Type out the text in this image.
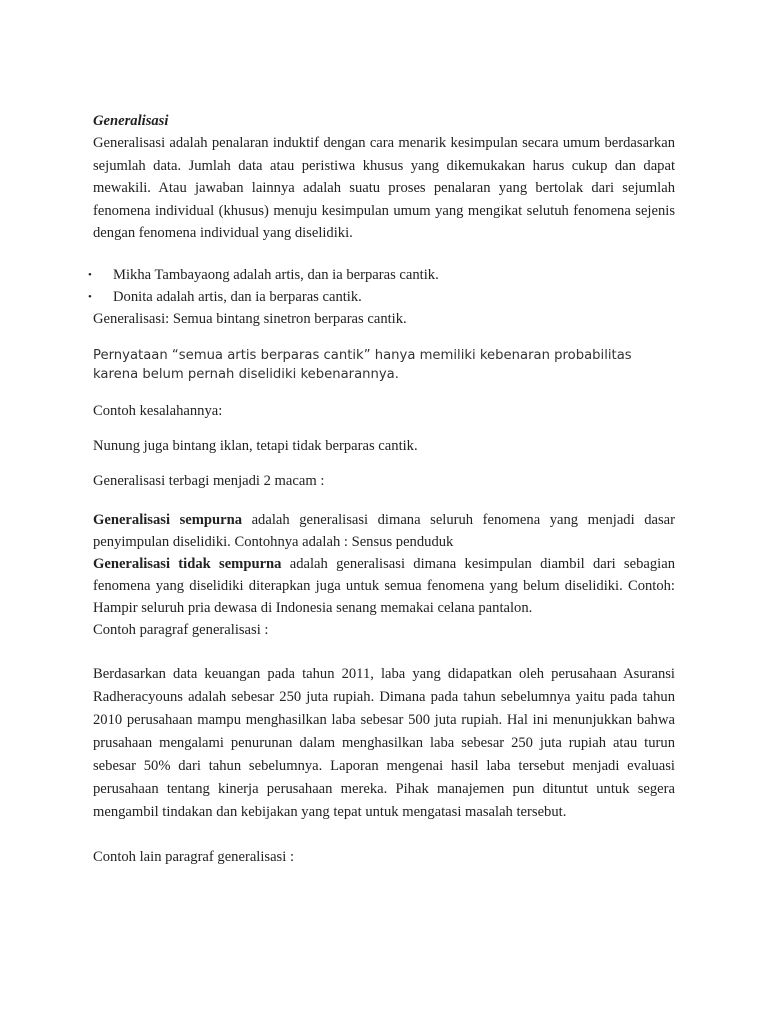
Generalisasi

Generalisasi adalah penalaran induktif dengan cara menarik kesimpulan secara umum berdasarkan sejumlah data. Jumlah data atau peristiwa khusus yang dikemukakan harus cukup dan dapat mewakili. Atau jawaban lainnya adalah suatu proses penalaran yang bertolak dari sejumlah fenomena individual (khusus) menuju kesimpulan umum yang mengikat selutuh fenomena sejenis dengan fenomena individual yang diselidiki.

• Mikha Tambayaong adalah artis, dan ia berparas cantik.
• Donita adalah artis, dan ia berparas cantik.

Generalisasi: Semua bintang sinetron berparas cantik.

Pernyataan “semua artis berparas cantik” hanya memiliki kebenaran probabilitas karena belum pernah diselidiki kebenarannya.

Contoh kesalahannya:

Nunung juga bintang iklan, tetapi tidak berparas cantik.

Generalisasi terbagi menjadi 2 macam :

Generalisasi sempurna adalah generalisasi dimana seluruh fenomena yang menjadi dasar penyimpulan diselidiki. Contohnya adalah : Sensus penduduk

Generalisasi tidak sempurna adalah generalisasi dimana kesimpulan diambil dari sebagian fenomena yang diselidiki diterapkan juga untuk semua fenomena yang belum diselidiki. Contoh: Hampir seluruh pria dewasa di Indonesia senang memakai celana pantalon.

Contoh paragraf generalisasi :

Berdasarkan data keuangan pada tahun 2011, laba yang didapatkan oleh perusahaan Asuransi Radheracyouns adalah sebesar 250 juta rupiah. Dimana pada tahun sebelumnya yaitu pada tahun 2010 perusahaan mampu menghasilkan laba sebesar 500 juta rupiah. Hal ini menunjukkan bahwa prusahaan mengalami penurunan dalam menghasilkan laba sebesar 250 juta rupiah atau turun sebesar 50% dari tahun sebelumnya. Laporan mengenai hasil laba tersebut menjadi evaluasi perusahaan tentang kinerja perusahaan mereka. Pihak manajemen pun dituntut untuk segera mengambil tindakan dan kebijakan yang tepat untuk mengatasi masalah tersebut.

Contoh lain paragraf generalisasi :
